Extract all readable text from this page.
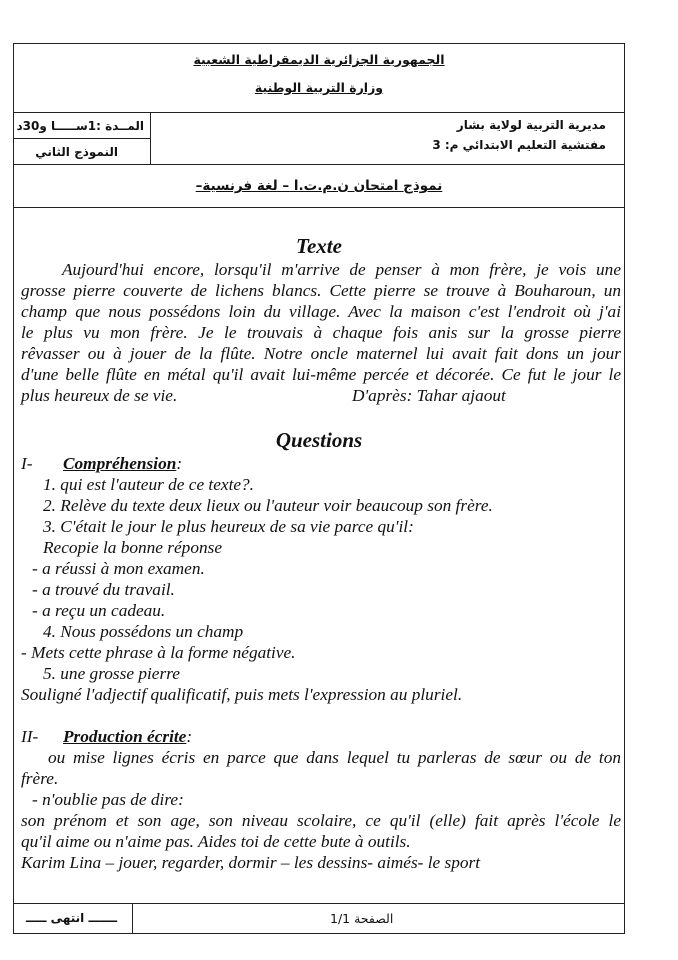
الجمهورية الجزائرية الديمقراطية الشعبية
وزارة التربية الوطنية
مديرية التربية لولاية بشار
مفتشية التعليم الابتدائي م: 3
المــدة :1ســـــا و30د
النموذج الثاني
نموذج امتحان ن.م.ت.ا – لغة فرنسية–
Texte
Aujourd'hui encore, lorsqu'il m'arrive de penser à mon frère, je vois une
grosse pierre couverte de lichens blancs. Cette pierre se trouve à Bouharoun, un
champ que nous possédons loin du village. Avec la maison c'est l'endroit où j'ai
le plus vu mon frère. Je le trouvais à chaque fois anis sur la grosse pierre
rêvasser ou à jouer de la flûte. Notre oncle maternel lui avait fait dons un jour
d'une belle flûte en métal qu'il avait lui-même percée et décorée. Ce fut le jour le
plus heureux de se vie.	D'après: Tahar ajaout
Questions
I- Compréhension:
1. qui est l'auteur de ce texte?.
2. Relève du texte deux lieux ou l'auteur voir beaucoup son frère.
3. C'était le jour le plus heureux de sa vie parce qu'il:
Recopie la bonne réponse
- a réussi à mon examen.
- a trouvé du travail.
- a reçu un cadeau.
4. Nous possédons un champ
- Mets cette phrase à la forme négative.
5. une grosse pierre
Souligné l'adjectif qualificatif, puis mets l'expression au pluriel.
II- Production écrite:
ou mise lignes écris en parce que dans lequel tu parleras de sœur ou de ton
frère.
- n'oublie pas de dire:
son prénom et son age, son niveau scolaire, ce qu'il (elle) fait après l'école le
qu'il aime ou n'aime pas. Aides toi de cette bute à outils.
Karim Lina – jouer, regarder, dormir – les dessins- aimés- le sport
الصفحة 1/1
ـــــــ انتهى ـــــ
